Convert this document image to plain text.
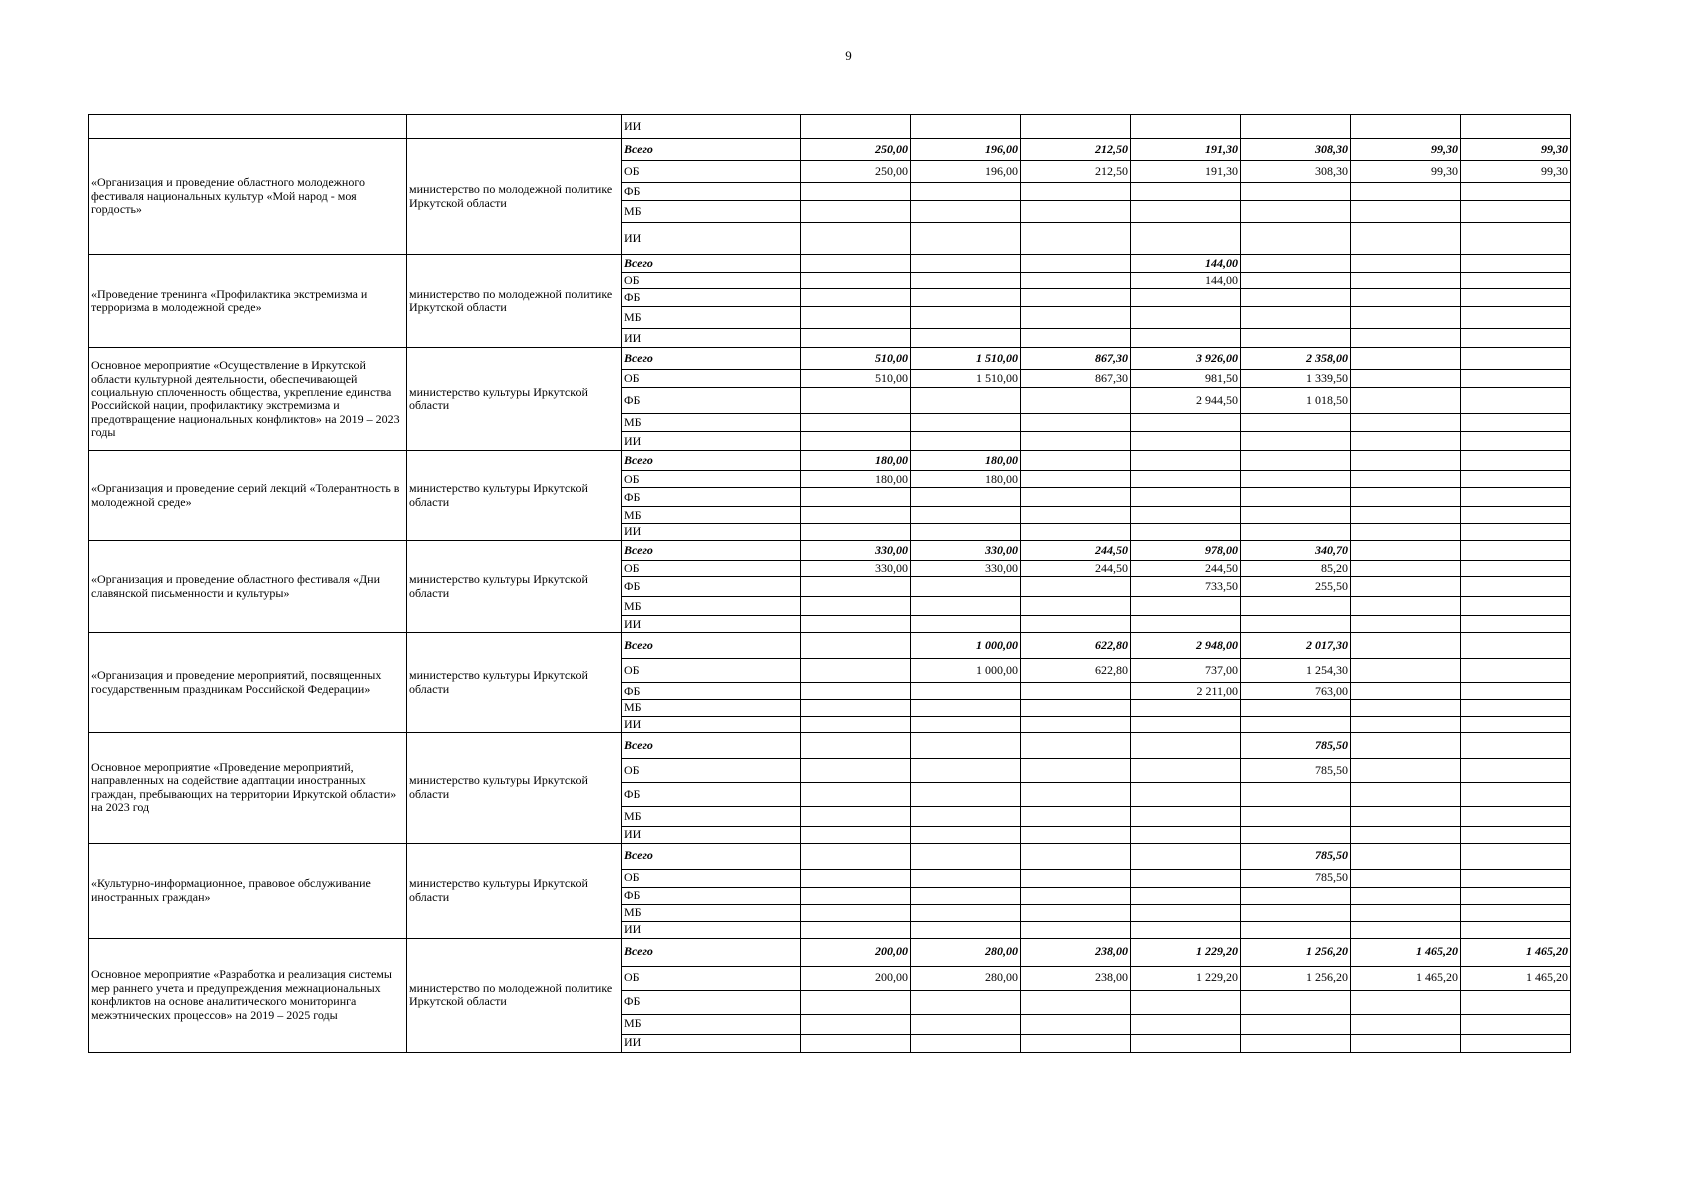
9
		ИИ							
«Организация и проведение областного молодежного фестиваля национальных культур «Мой народ - моя гордость»	министерство по молодежной политике Иркутской области	Всего	250,00	196,00	212,50	191,30	308,30	99,30	99,30
		ОБ	250,00	196,00	212,50	191,30	308,30	99,30	99,30
		ФБ							
		МБ							
		ИИ							
«Проведение тренинга «Профилактика экстремизма и терроризма в молодежной среде»	министерство по молодежной политике Иркутской области	Всего				144,00			
		ОБ				144,00			
		ФБ							
		МБ							
		ИИ							
Основное мероприятие «Осуществление в Иркутской области культурной деятельности, обеспечивающей социальную сплоченность общества, укрепление единства Российской нации, профилактику экстремизма и предотвращение национальных конфликтов» на 2019 – 2023 годы	министерство культуры Иркутской области	Всего	510,00	1 510,00	867,30	3 926,00	2 358,00		
		ОБ	510,00	1 510,00	867,30	981,50	1 339,50		
		ФБ				2 944,50	1 018,50		
		МБ							
		ИИ							
«Организация и проведение серий лекций «Толерантность в молодежной среде»	министерство культуры Иркутской области	Всего	180,00	180,00					
		ОБ	180,00	180,00					
		ФБ							
		МБ							
		ИИ							
«Организация и проведение областного фестиваля «Дни славянской письменности и культуры»	министерство культуры Иркутской области	Всего	330,00	330,00	244,50	978,00	340,70		
		ОБ	330,00	330,00	244,50	244,50	85,20		
		ФБ				733,50	255,50		
		МБ							
		ИИ							
«Организация и проведение мероприятий, посвященных государственным праздникам Российской Федерации»	министерство культуры Иркутской области	Всего		1 000,00	622,80	2 948,00	2 017,30		
		ОБ		1 000,00	622,80	737,00	1 254,30		
		ФБ				2 211,00	763,00		
		МБ							
		ИИ							
Основное мероприятие «Проведение мероприятий, направленных на содействие адаптации иностранных граждан, пребывающих на территории Иркутской области» на 2023 год	министерство культуры Иркутской области	Всего					785,50		
		ОБ					785,50		
		ФБ							
		МБ							
		ИИ							
«Культурно-информационное, правовое обслуживание иностранных граждан»	министерство культуры Иркутской области	Всего					785,50		
		ОБ					785,50		
		ФБ							
		МБ							
		ИИ							
Основное мероприятие «Разработка и реализация системы мер раннего учета и предупреждения межнациональных конфликтов на основе аналитического мониторинга межэтнических процессов» на 2019 – 2025 годы	министерство по молодежной политике Иркутской области	Всего	200,00	280,00	238,00	1 229,20	1 256,20	1 465,20	1 465,20
		ОБ	200,00	280,00	238,00	1 229,20	1 256,20	1 465,20	1 465,20
		ФБ							
		МБ							
		ИИ							
